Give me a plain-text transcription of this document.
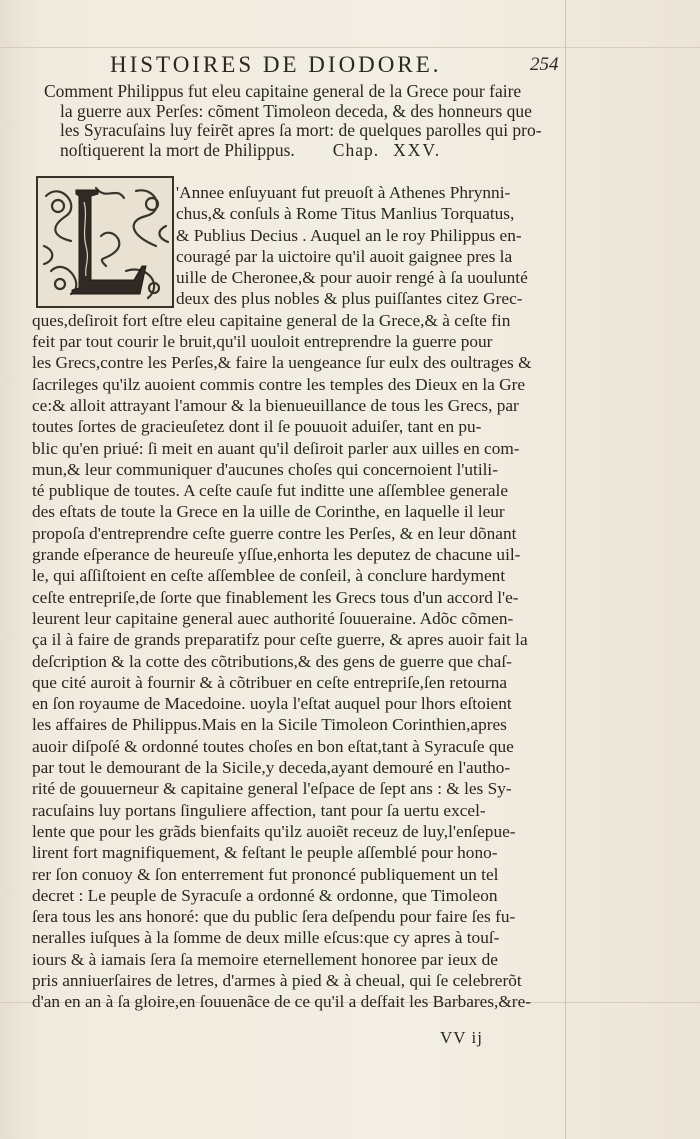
HISTOIRES DE DIODORE.	254
Comment Philippus fut eleu capitaine general de la Grece pour faire
la guerre aux Perſes: cõment Timoleon deceda, & des honneurs que
les Syracuſains luy feirẽt apres ſa mort: de quelques parolles qui pro-
noſtiquerent la mort de Philippus. Chap. XXV.
'Annee enſuyuant fut preuoſt à Athenes Phrynni-
chus,& conſuls à Rome Titus Manlius Torquatus,
& Publius Decius . Auquel an le roy Philippus en-
couragé par la uictoire qu'il auoit gaignee pres la
uille de Cheronee,& pour auoir rengé à ſa uoulunté
deux des plus nobles & plus puiſſantes citez Grec-
ques,deſiroit fort eſtre eleu capitaine general de la Grece,& à ceſte fin
feit par tout courir le bruit,qu'il uouloit entreprendre la guerre pour
les Grecs,contre les Perſes,& faire la uengeance ſur eulx des oultrages &
ſacrileges qu'ilz auoient commis contre les temples des Dieux en la Gre
ce:& alloit attrayant l'amour & la bienueuillance de tous les Grecs, par
toutes ſortes de gracieuſetez dont il ſe pouuoit aduiſer, tant en pu-
blic qu'en priué: ſi meit en auant qu'il deſiroit parler aux uilles en com-
mun,& leur communiquer d'aucunes choſes qui concernoient l'utili-
té publique de toutes. A ceſte cauſe fut inditte une aſſemblee generale
des eſtats de toute la Grece en la uille de Corinthe, en laquelle il leur
propoſa d'entreprendre ceſte guerre contre les Perſes, & en leur dõnant
grande eſperance de heureuſe yſſue,enhorta les deputez de chacune uil-
le, qui aſſiſtoient en ceſte aſſemblee de conſeil, à conclure hardyment
ceſte entrepriſe,de ſorte que finablement les Grecs tous d'un accord l'e-
leurent leur capitaine general auec authorité ſouueraine. Adõc cõmen-
ça il à faire de grands preparatifz pour ceſte guerre, & apres auoir fait la
deſcription & la cotte des cõtributions,& des gens de guerre que chaſ-
que cité auroit à fournir & à cõtribuer en ceſte entrepriſe,ſen retourna
en ſon royaume de Macedoine. uoyla l'eſtat auquel pour lhors eſtoient
les affaires de Philippus.Mais en la Sicile Timoleon Corinthien,apres
auoir diſpoſé & ordonné toutes choſes en bon eſtat,tant à Syracuſe que
par tout le demourant de la Sicile,y deceda,ayant demouré en l'autho-
rité de gouuerneur & capitaine general l'eſpace de ſept ans : & les Sy-
racuſains luy portans ſinguliere affection, tant pour ſa uertu excel-
lente que pour les grãds bienfaits qu'ilz auoiẽt receuz de luy,l'enſepue-
lirent fort magnifiquement, & feſtant le peuple aſſemblé pour hono-
rer ſon conuoy & ſon enterrement fut prononcé publiquement un tel
decret : Le peuple de Syracuſe a ordonné & ordonne, que Timoleon
ſera tous les ans honoré: que du public ſera deſpendu pour faire ſes fu-
neralles iuſques à la ſomme de deux mille eſcus:que cy apres à touſ-
iours & à iamais ſera ſa memoire eternellement honoree par ieux de
pris anniuerſaires de letres, d'armes à pied & à cheual, qui ſe celebrerõt
d'an en an à ſa gloire,en ſouuenãce de ce qu'il a deſfait les Barbares,&re-
VV ij
